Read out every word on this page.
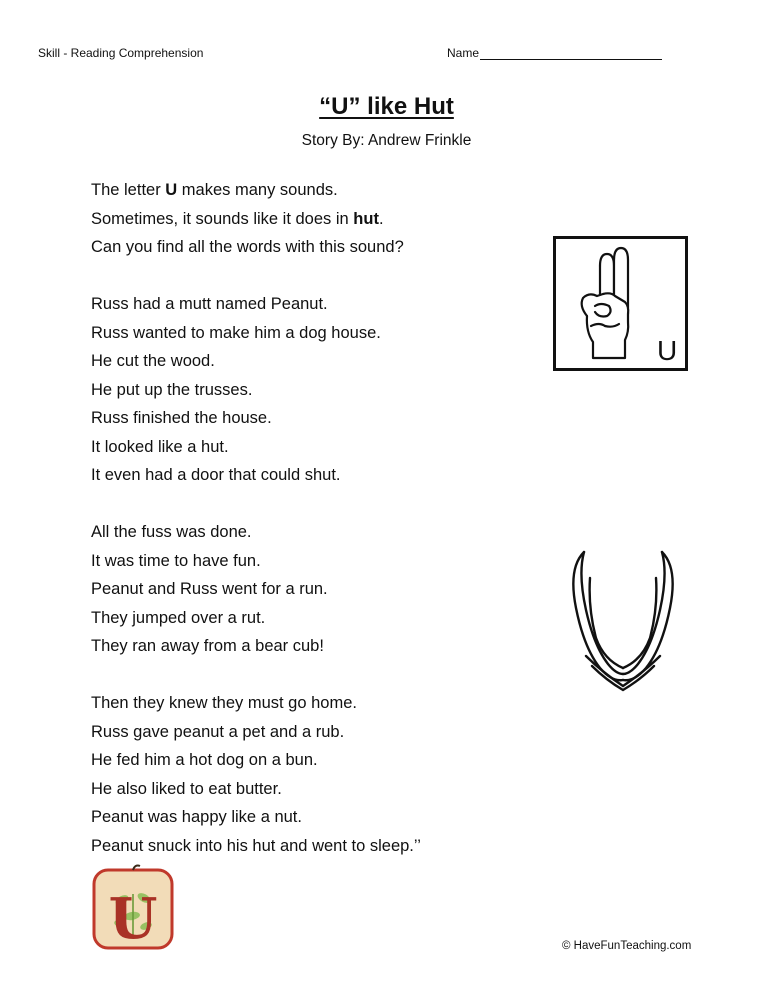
Skill - Reading Comprehension	Name
“U” like Hut
Story By: Andrew Frinkle
The letter U makes many sounds.
Sometimes, it sounds like it does in hut.
Can you find all the words with this sound?
Russ had a mutt named Peanut.
Russ wanted to make him a dog house.
He cut the wood.
He put up the trusses.
Russ finished the house.
It looked like a hut.
It even had a door that could shut.
All the fuss was done.
It was time to have fun.
Peanut and Russ went for a run.
They jumped over a rut.
They ran away from a bear cub!
Then they knew they must go home.
Russ gave peanut a pet and a rub.
He fed him a hot dog on a bun.
He also liked to eat butter.
Peanut was happy like a nut.
Peanut snuck into his hut and went to sleep.’’
U
U	© HaveFunTeaching.com
